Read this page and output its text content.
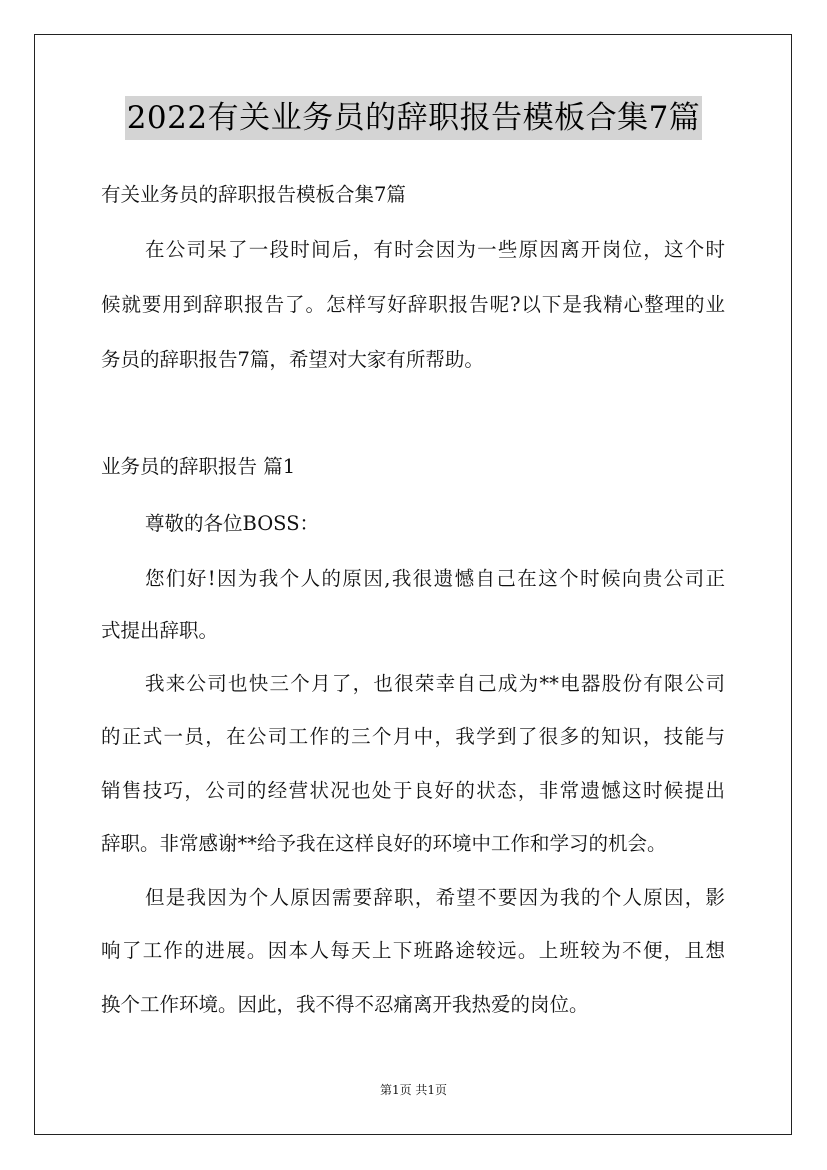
2022有关业务员的辞职报告模板合集7篇
有关业务员的辞职报告模板合集7篇
在公司呆了一段时间后，有时会因为一些原因离开岗位，这个时
候就要用到辞职报告了。怎样写好辞职报告呢?以下是我精心整理的业
务员的辞职报告7篇，希望对大家有所帮助。
业务员的辞职报告 篇1
尊敬的各位BOSS：
您们好!因为我个人的原因,我很遗憾自己在这个时候向贵公司正
式提出辞职。
我来公司也快三个月了，也很荣幸自己成为**电器股份有限公司
的正式一员，在公司工作的三个月中，我学到了很多的知识，技能与
销售技巧，公司的经营状况也处于良好的状态，非常遗憾这时候提出
辞职。非常感谢**给予我在这样良好的环境中工作和学习的机会。
但是我因为个人原因需要辞职，希望不要因为我的个人原因，影
响了工作的进展。因本人每天上下班路途较远。上班较为不便，且想
换个工作环境。因此，我不得不忍痛离开我热爱的岗位。
第1页 共1页
